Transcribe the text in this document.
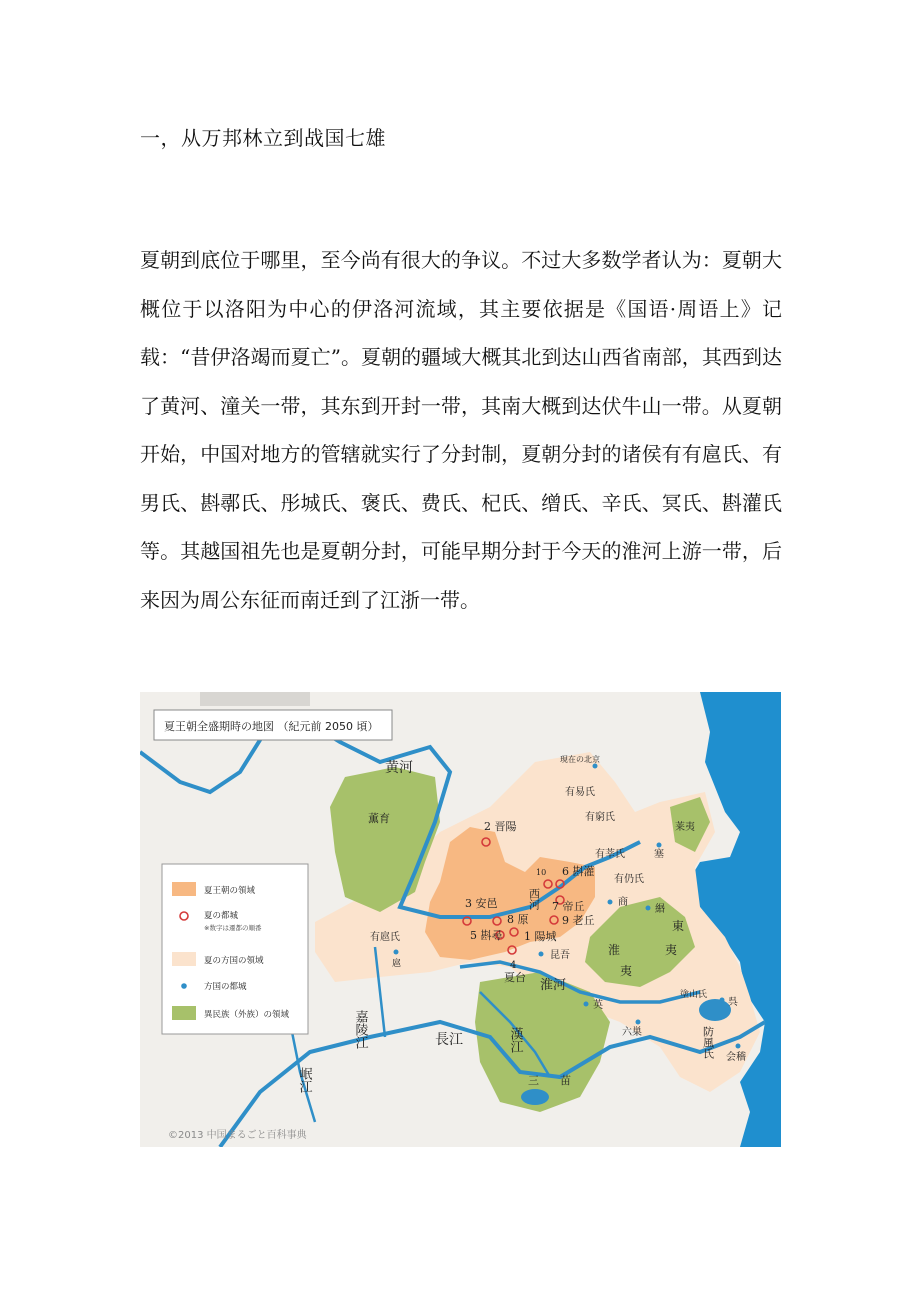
一，从万邦林立到战国七雄

夏朝到底位于哪里，至今尚有很大的争议。不过大多数学者认为：夏朝大概位于以洛阳为中心的伊洛河流域，其主要依据是《国语·周语上》记载：“昔伊洛竭而夏亡”。夏朝的疆域大概其北到达山西省南部，其西到达了黄河、潼关一带，其东到开封一带，其南大概到达伏牛山一带。从夏朝开始，中国对地方的管辖就实行了分封制，夏朝分封的诸侯有有扈氏、有男氏、斟鄩氏、彤城氏、褒氏、费氏、杞氏、缯氏、辛氏、冥氏、斟灌氏等。其越国祖先也是夏朝分封，可能早期分封于今天的淮河上游一带，后来因为周公东征而南迁到了江浙一带。

夏王朝全盛期時の地図 （紀元前 2050 頃）
夏王朝の領域
夏の都城
※数字は遷都の順番
夏の方国の領域
方国の都城
異民族（外族）の領域
黄河
淮河
長江	漢江
嘉陵江
岷江
現在の北京
有易氏
有窮氏
莱夷
有莘氏	塞
有仍氏
商
緡
東
夷
淮
夷
薫育
有扈氏
扈
昆吾
英
六巣
塗山氏
呉
防風氏 会稽
三 苗
1 陽城
2 晋陽
3 安邑
4
夏台
5 斟尋
6 斟灌
7 帝丘
8 原	9 老丘
10
西河
©2013 中国まるごと百科事典
